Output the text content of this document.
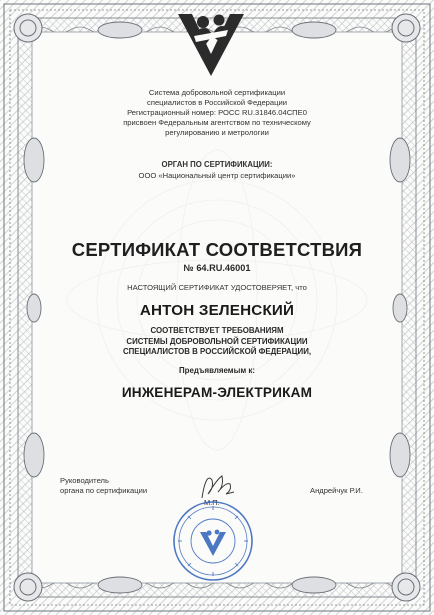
Система добровольной сертификации
специалистов в Российской Федерации
Регистрационный номер: РОСС RU.31846.04СПЕ0
присвоен Федеральным агентством по техническому
регулированию и метрологии
ОРГАН ПО СЕРТИФИКАЦИИ:
ООО «Национальный центр сертификации»
СЕРТИФИКАТ СООТВЕТСТВИЯ
№ 64.RU.46001
НАСТОЯЩИЙ СЕРТИФИКАТ УДОСТОВЕРЯЕТ, что
АНТОН ЗЕЛЕНСКИЙ
СООТВЕТСТВУЕТ ТРЕБОВАНИЯМ
СИСТЕМЫ ДОБРОВОЛЬНОЙ СЕРТИФИКАЦИИ
СПЕЦИАЛИСТОВ В РОССИЙСКОЙ ФЕДЕРАЦИИ,
Предъявляемым к:
ИНЖЕНЕРАМ-ЭЛЕКТРИКАМ
Руководитель
органа по сертификации
М.П.
Андрейчук Р.И.
